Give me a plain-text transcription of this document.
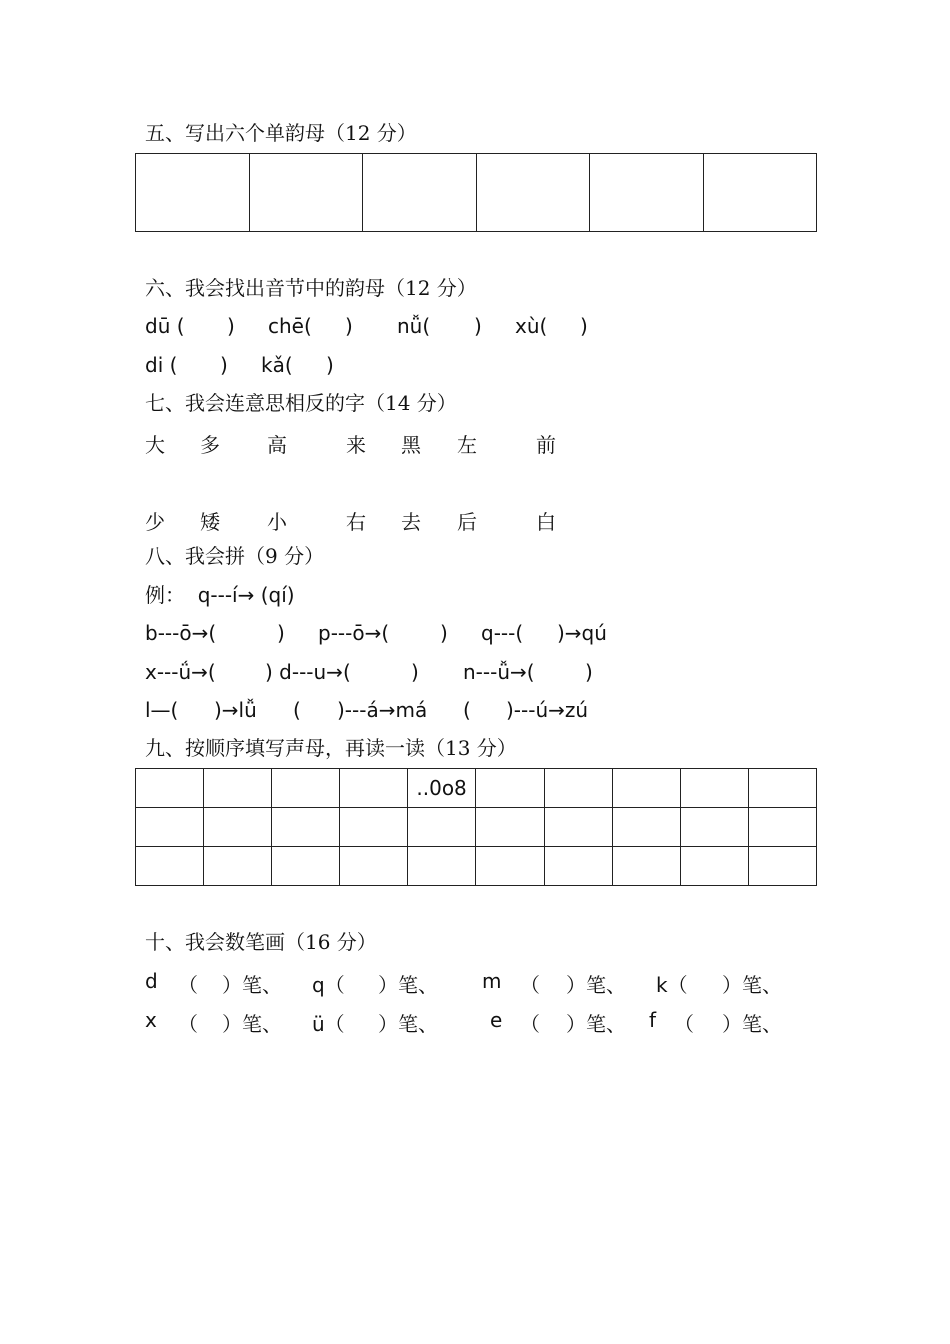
五、写出六个单韵母（12 分）

六、我会找出音节中的韵母（12 分）
dū ( ) chē( ) nǚ( ) xù( )
di ( ) kǎ( )
七、我会连意思相反的字（14 分）
大 多 高	来 黑 左	前
少 矮 小	右 去 后	白
八、我会拼（9 分）
例：  q---í→ (qí)
b---ō→(	) p---ō→(	) q---( )→qú
x---ǘ→( ) d---u→(	) n---ǚ→(	)
l—( )→lǚ ( )---á→má ( )---ú→zú
九、按顺序填写声母，再读一读（13 分）

				..0o8					

十、我会数笔画（16 分）
d （ ）笔、 q（ ）笔、 m （ ）笔、 k（ ）笔、
x （ ）笔、 ü（ ）笔、	e （ ）笔、 f （ ）笔、
